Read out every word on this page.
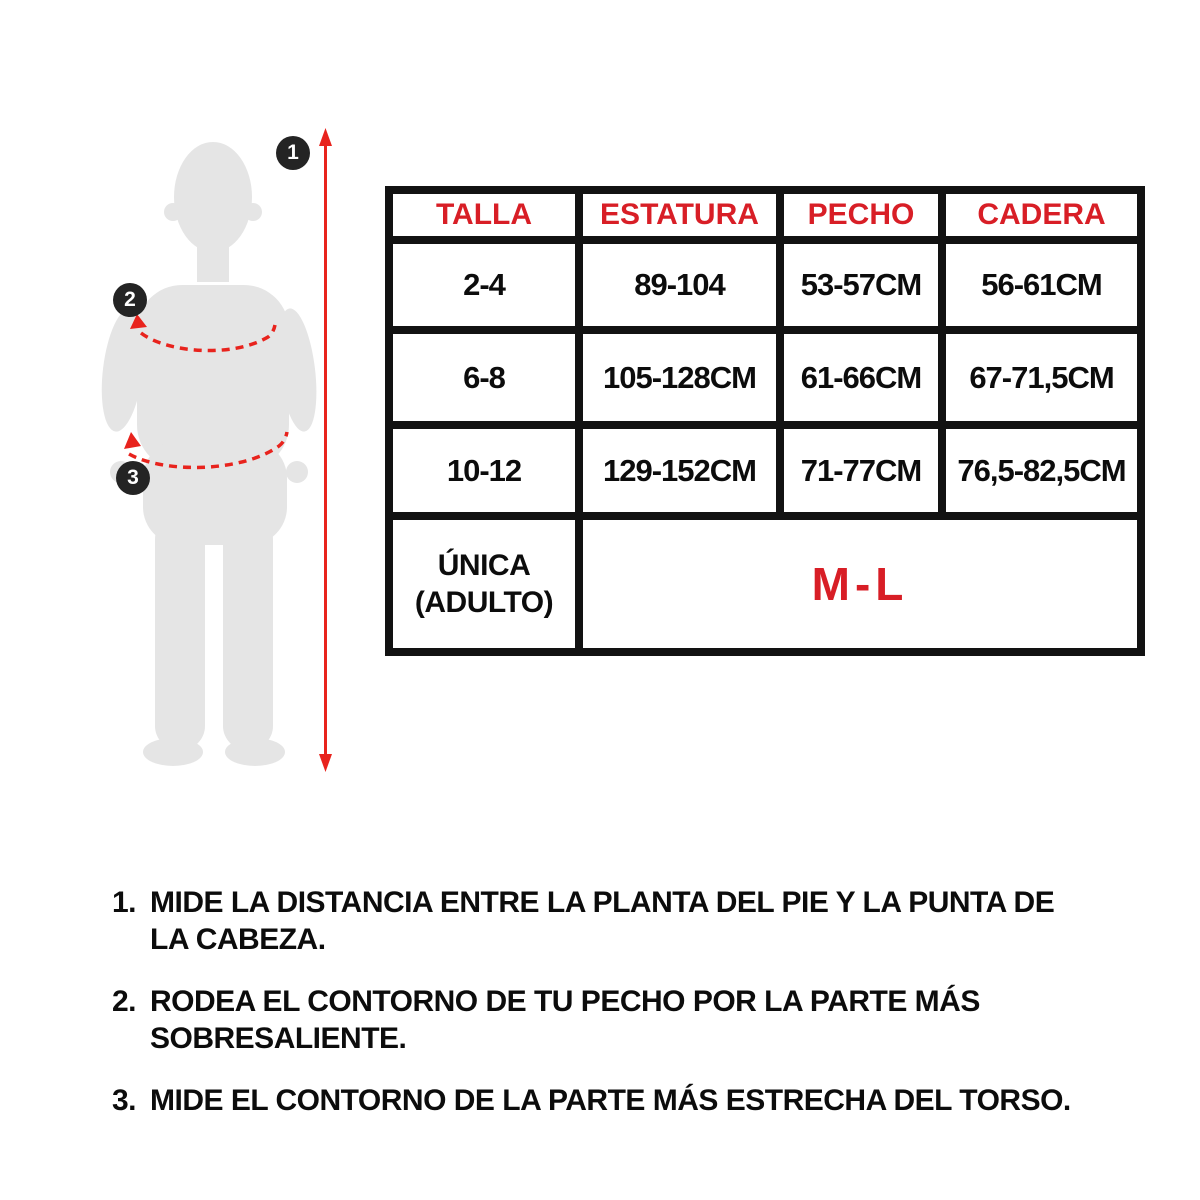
1
2
3
TALLA	ESTATURA	PECHO	CADERA
2-4	89-104	53-57CM	56-61CM
6-8	105-128CM	61-66CM	67-71,5CM
10-12	129-152CM	71-77CM	76,5-82,5CM

ÚNICA
(ADULTO)	M-L		
1. MIDE LA DISTANCIA ENTRE LA PLANTA DEL PIE Y LA PUNTA DE
LA CABEZA.
2. RODEA EL CONTORNO DE TU PECHO POR LA PARTE MÁS
SOBRESALIENTE.
3. MIDE EL CONTORNO DE LA PARTE MÁS ESTRECHA DEL TORSO.
